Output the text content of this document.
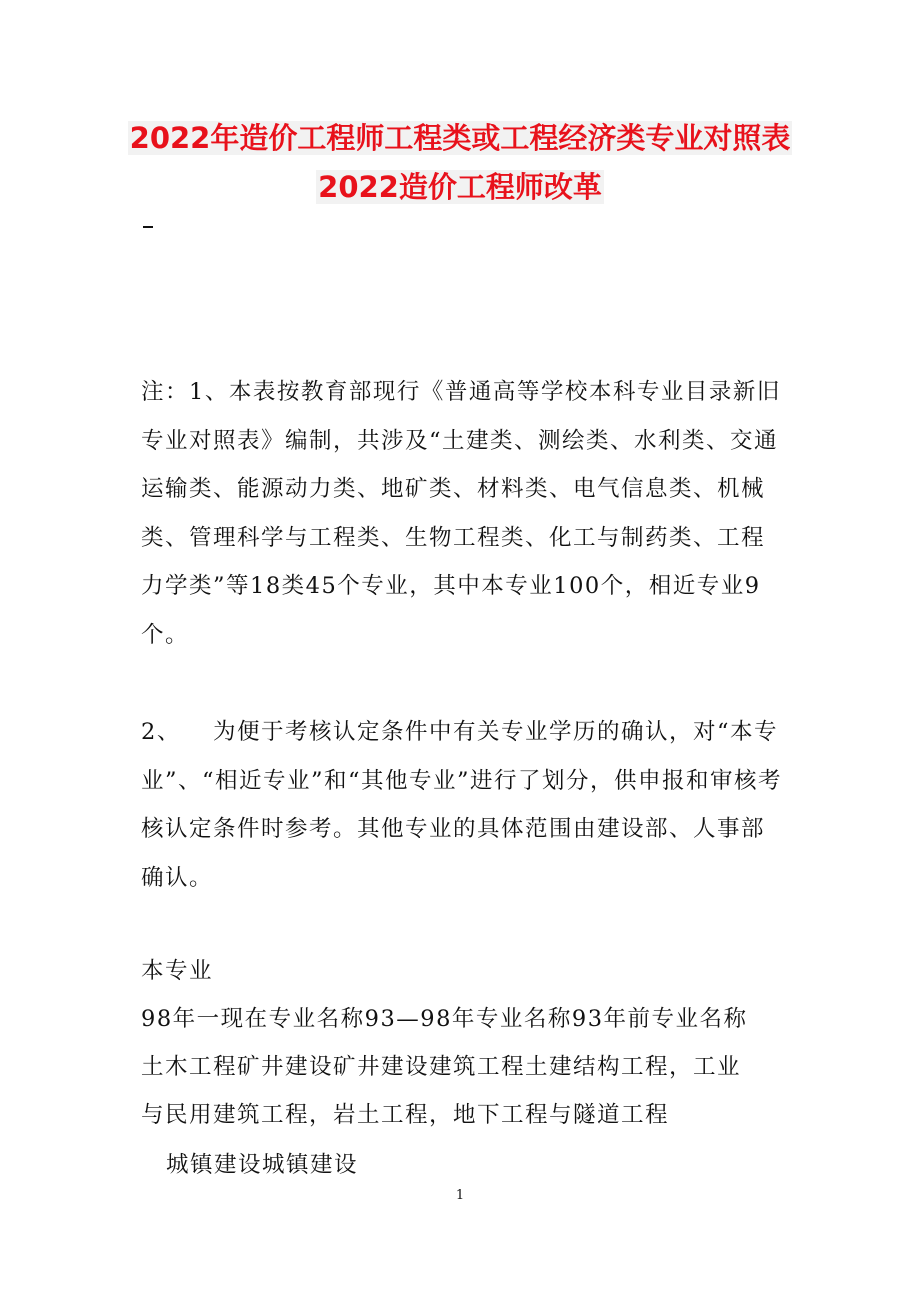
2022年造价工程师工程类或工程经济类专业对照表
2022造价工程师改革

注：1、本表按教育部现行《普通高等学校本科专业目录新旧专业对照表》编制，共涉及“土建类、测绘类、水利类、交通运输类、能源动力类、地矿类、材料类、电气信息类、机械类、管理科学与工程类、生物工程类、化工与制药类、工程力学类”等18类45个专业，其中本专业100个，相近专业9个。

2、 为便于考核认定条件中有关专业学历的确认，对“本专业”、“相近专业”和“其他专业”进行了划分，供申报和审核考核认定条件时参考。其他专业的具体范围由建设部、人事部确认。

本专业

98年一现在专业名称93—98年专业名称93年前专业名称

土木工程矿井建设矿井建设建筑工程土建结构工程，工业

与民用建筑工程，岩土工程，地下工程与隧道工程

城镇建设城镇建设

1
